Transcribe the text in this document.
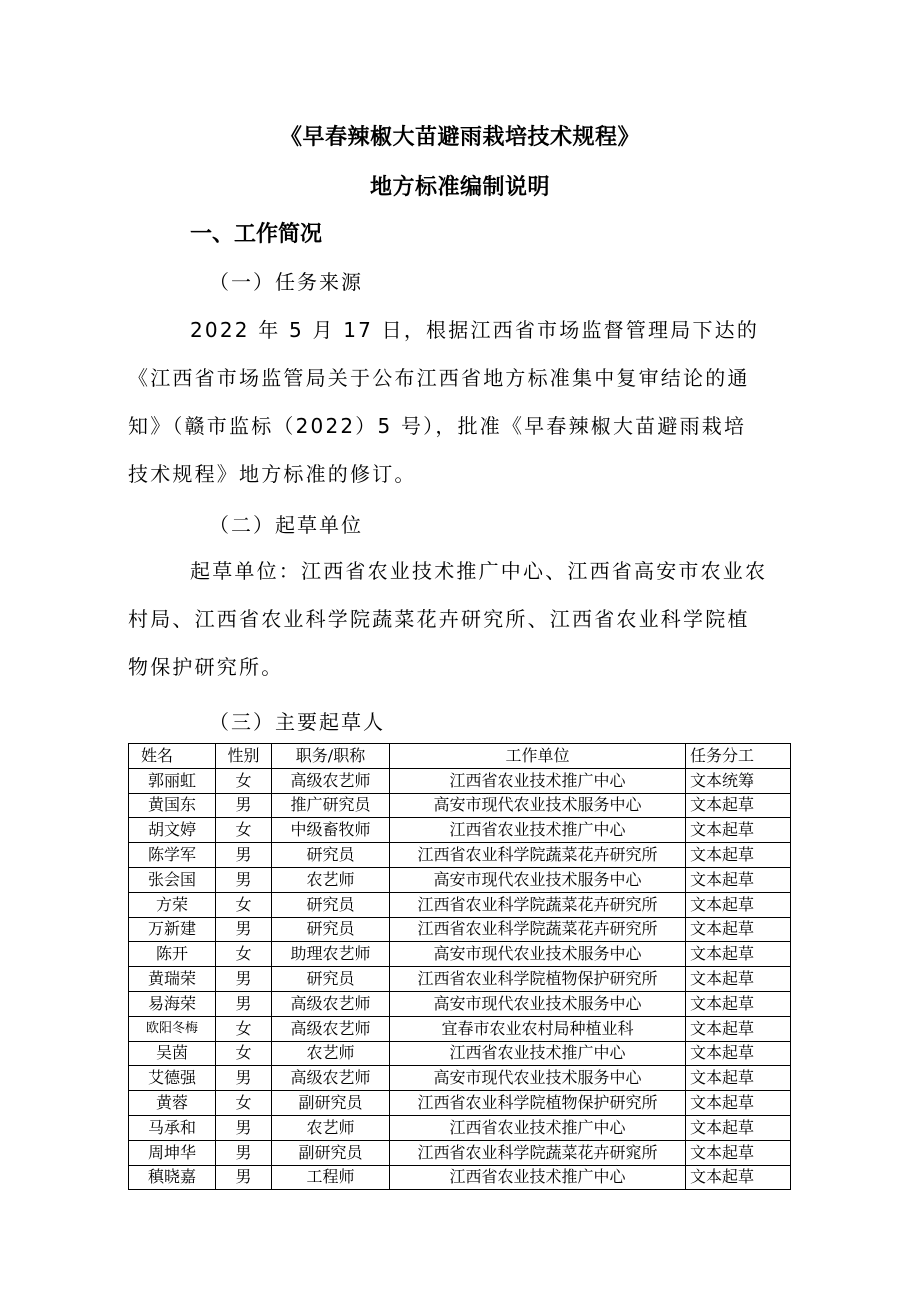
《早春辣椒大苗避雨栽培技术规程》
地方标准编制说明
一、工作简况
（一）任务来源
2022 年 5 月 17 日，根据江西省市场监督管理局下达的
《江西省市场监管局关于公布江西省地方标准集中复审结论的通
知》（赣市监标（2022）5 号），批准《早春辣椒大苗避雨栽培
技术规程》地方标准的修订。
（二）起草单位
起草单位：江西省农业技术推广中心、江西省高安市农业农
村局、江西省农业科学院蔬菜花卉研究所、江西省农业科学院植
物保护研究所。
（三）主要起草人
姓名	性别	职务/职称	工作单位	任务分工
郭丽虹	女	高级农艺师	江西省农业技术推广中心	文本统筹
黄国东	男	推广研究员	高安市现代农业技术服务中心	文本起草
胡文婷	女	中级畜牧师	江西省农业技术推广中心	文本起草
陈学军	男	研究员	江西省农业科学院蔬菜花卉研究所	文本起草
张会国	男	农艺师	高安市现代农业技术服务中心	文本起草
方荣	女	研究员	江西省农业科学院蔬菜花卉研究所	文本起草
万新建	男	研究员	江西省农业科学院蔬菜花卉研究所	文本起草
陈开	女	助理农艺师	高安市现代农业技术服务中心	文本起草
黄瑞荣	男	研究员	江西省农业科学院植物保护研究所	文本起草
易海荣	男	高级农艺师	高安市现代农业技术服务中心	文本起草
欧阳冬梅	女	高级农艺师	宜春市农业农村局种植业科	文本起草
吴茵	女	农艺师	江西省农业技术推广中心	文本起草
艾德强	男	高级农艺师	高安市现代农业技术服务中心	文本起草
黄蓉	女	副研究员	江西省农业科学院植物保护研究所	文本起草
马承和	男	农艺师	江西省农业技术推广中心	文本起草
周坤华	男	副研究员	江西省农业科学院蔬菜花卉研窕所	文本起草
稹晓嘉	男	工程师	江西省农业技术推广中心	文本起草
